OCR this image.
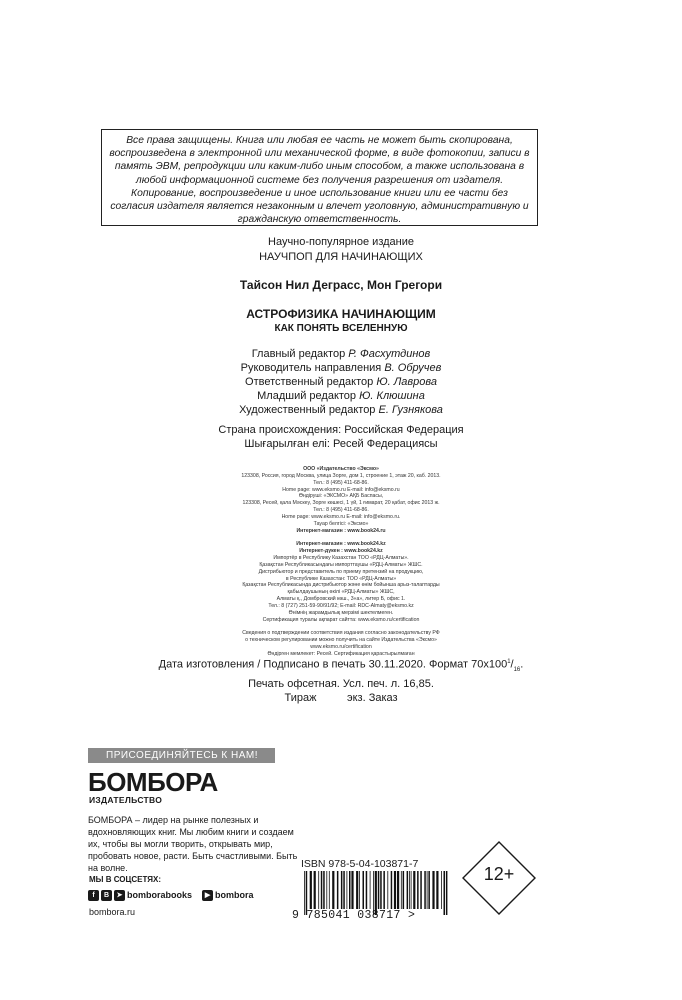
Все права защищены. Книга или любая ее часть не может быть скопирована, воспроизведена в электронной или механической форме, в виде фотокопии, записи в память ЭВМ, репродукции или каким-либо иным способом, а также использована в любой информационной системе без получения разрешения от издателя. Копирование, воспроизведение и иное использование книги или ее части без согласия издателя является незаконным и влечет уголовную, административную и гражданскую ответственность.
Научно-популярное издание
НАУЧПОП ДЛЯ НАЧИНАЮЩИХ
Тайсон Нил Деграсс, Мон Грегори
АСТРОФИЗИКА НАЧИНАЮЩИМ
КАК ПОНЯТЬ ВСЕЛЕННУЮ
Главный редактор Р. Фасхутдинов
Руководитель направления В. Обручев
Ответственный редактор Ю. Лаврова
Младший редактор Ю. Клюшина
Художественный редактор Е. Гузнякова
Страна происхождения: Российская Федерация
Шығарылған елі: Ресей Федерациясы
ООО «Издательство «Эксмо»
123308, Россия, город Москва, улица Зорге, дом 1, строение 1, этаж 20, каб. 2013.
Тел.: 8 (495) 411-68-86.
Home page: www.eksmo.ru E-mail: info@eksmo.ru
Өндіруші: «ЭКСМО» АҚБ Баспасы,
123308, Ресей, қала Мәскеу, Зорге көшесі, 1 үй, 1 ғимарат, 20 қабат, офис 2013 ж.
Тел.: 8 (495) 411-68-86.
Home page: www.eksmo.ru E-mail: info@eksmo.ru.
Тауар белгісі: «Эксмо»
Интернет-магазин : www.book24.ru

Интернет-магазин : www.book24.kz
Интернет-дүкен : www.book24.kz
Импортёр в Республику Казахстан ТОО «РДЦ-Алматы».
Қазақстан Республикасындағы импорттаушы «РДЦ-Алматы» ЖШС.
Дистрибьютор и представитель по приему претензий на продукцию,
в Республике Казахстан: ТОО «РДЦ-Алматы»
Қазақстан Республикасында дистрибьютор және өнім бойынша арыз-талаптарды
қабылдаушының өкілі «РДЦ-Алматы» ЖШС,
Алматы қ., Домбровский көш., 3«а», литер Б, офис 1.
Тел.: 8 (727) 251-59-90/91/92; E-mail: RDC-Almaty@eksmo.kz
Өнімнің жарамдылық мерзімі шектелмеген.
Сертификация туралы ақпарат сайтта: www.eksmo.ru/certification

Сведения о подтверждении соответствия издания согласно законодательству РФ
о техническом регулировании можно получить на сайте Издательства «Эксмо»
www.eksmo.ru/certification
Өндірген мемлекет: Ресей. Сертификация қарастырылмаған
Дата изготовления / Подписано в печать 30.11.2020. Формат $70x100^1/_{16}$.
Печать офсетная. Усл. печ. л. 16,85.
Тираж          экз. Заказ
ПРИСОЕДИНЯЙТЕСЬ К НАМ!
БОМБОРА
ИЗДАТЕЛЬСТВО
БОМБОРА – лидер на рынке полезных и вдохновляющих книг. Мы любим книги и создаем их, чтобы вы могли творить, открывать мир, пробовать новое, расти. Быть счастливыми. Быть на волне.
МЫ В СОЦСЕТЯХ:
f	В	➤ bomborabooks	▶ bombora
bombora.ru
ISBN 978-5-04-103871-7
9 785041 038717 >
12+
